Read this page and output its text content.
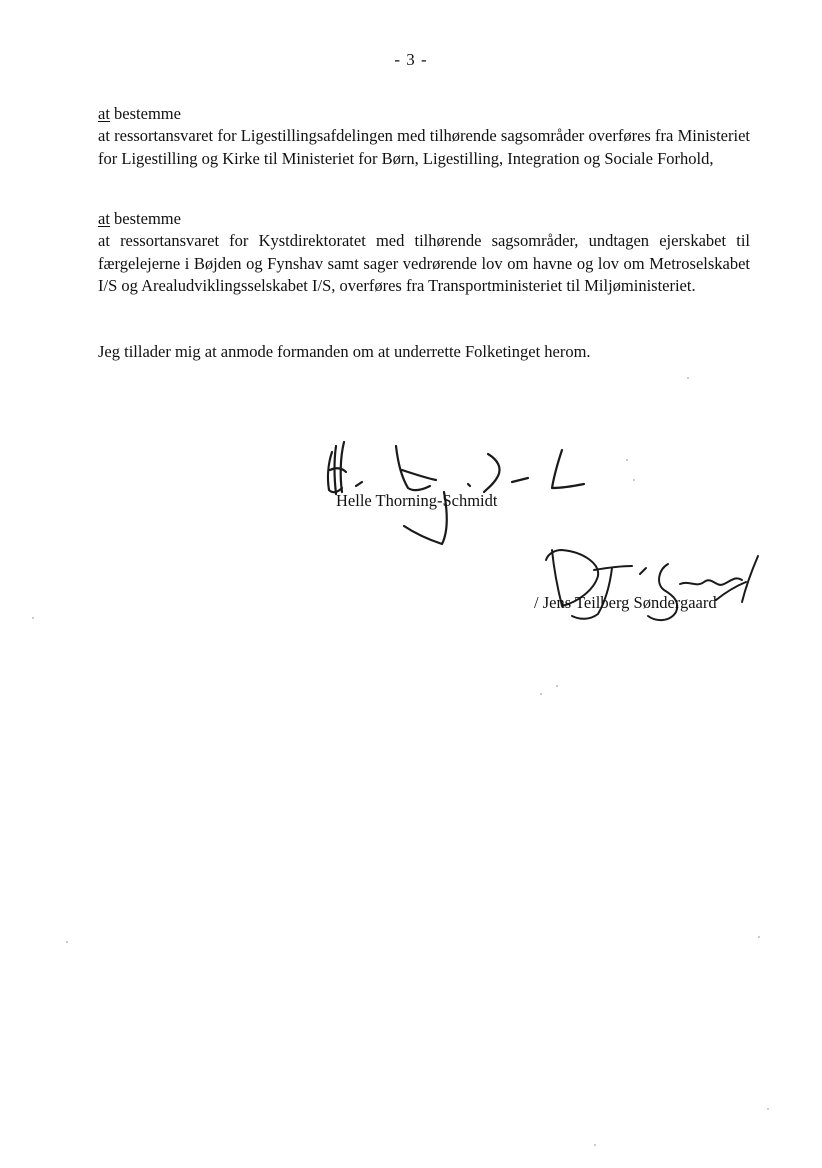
- 3 -
at bestemme
at ressortansvaret for Ligestillingsafdelingen med tilhørende sagsområder overføres fra Ministeriet for Ligestilling og Kirke til Ministeriet for Børn, Ligestilling, Integration og Sociale Forhold,
at bestemme
at ressortansvaret for Kystdirektoratet med tilhørende sagsområder, undtagen ejerskabet til færgelejerne i Bøjden og Fynshav samt sager vedrørende lov om havne og lov om Metroselskabet I/S og Arealudviklingsselskabet I/S, overføres fra Transportministeriet til Miljøministeriet.
Jeg tillader mig at anmode formanden om at underrette Folketinget herom.
Helle Thorning-Schmidt
/ Jens Teilberg Søndergaard
